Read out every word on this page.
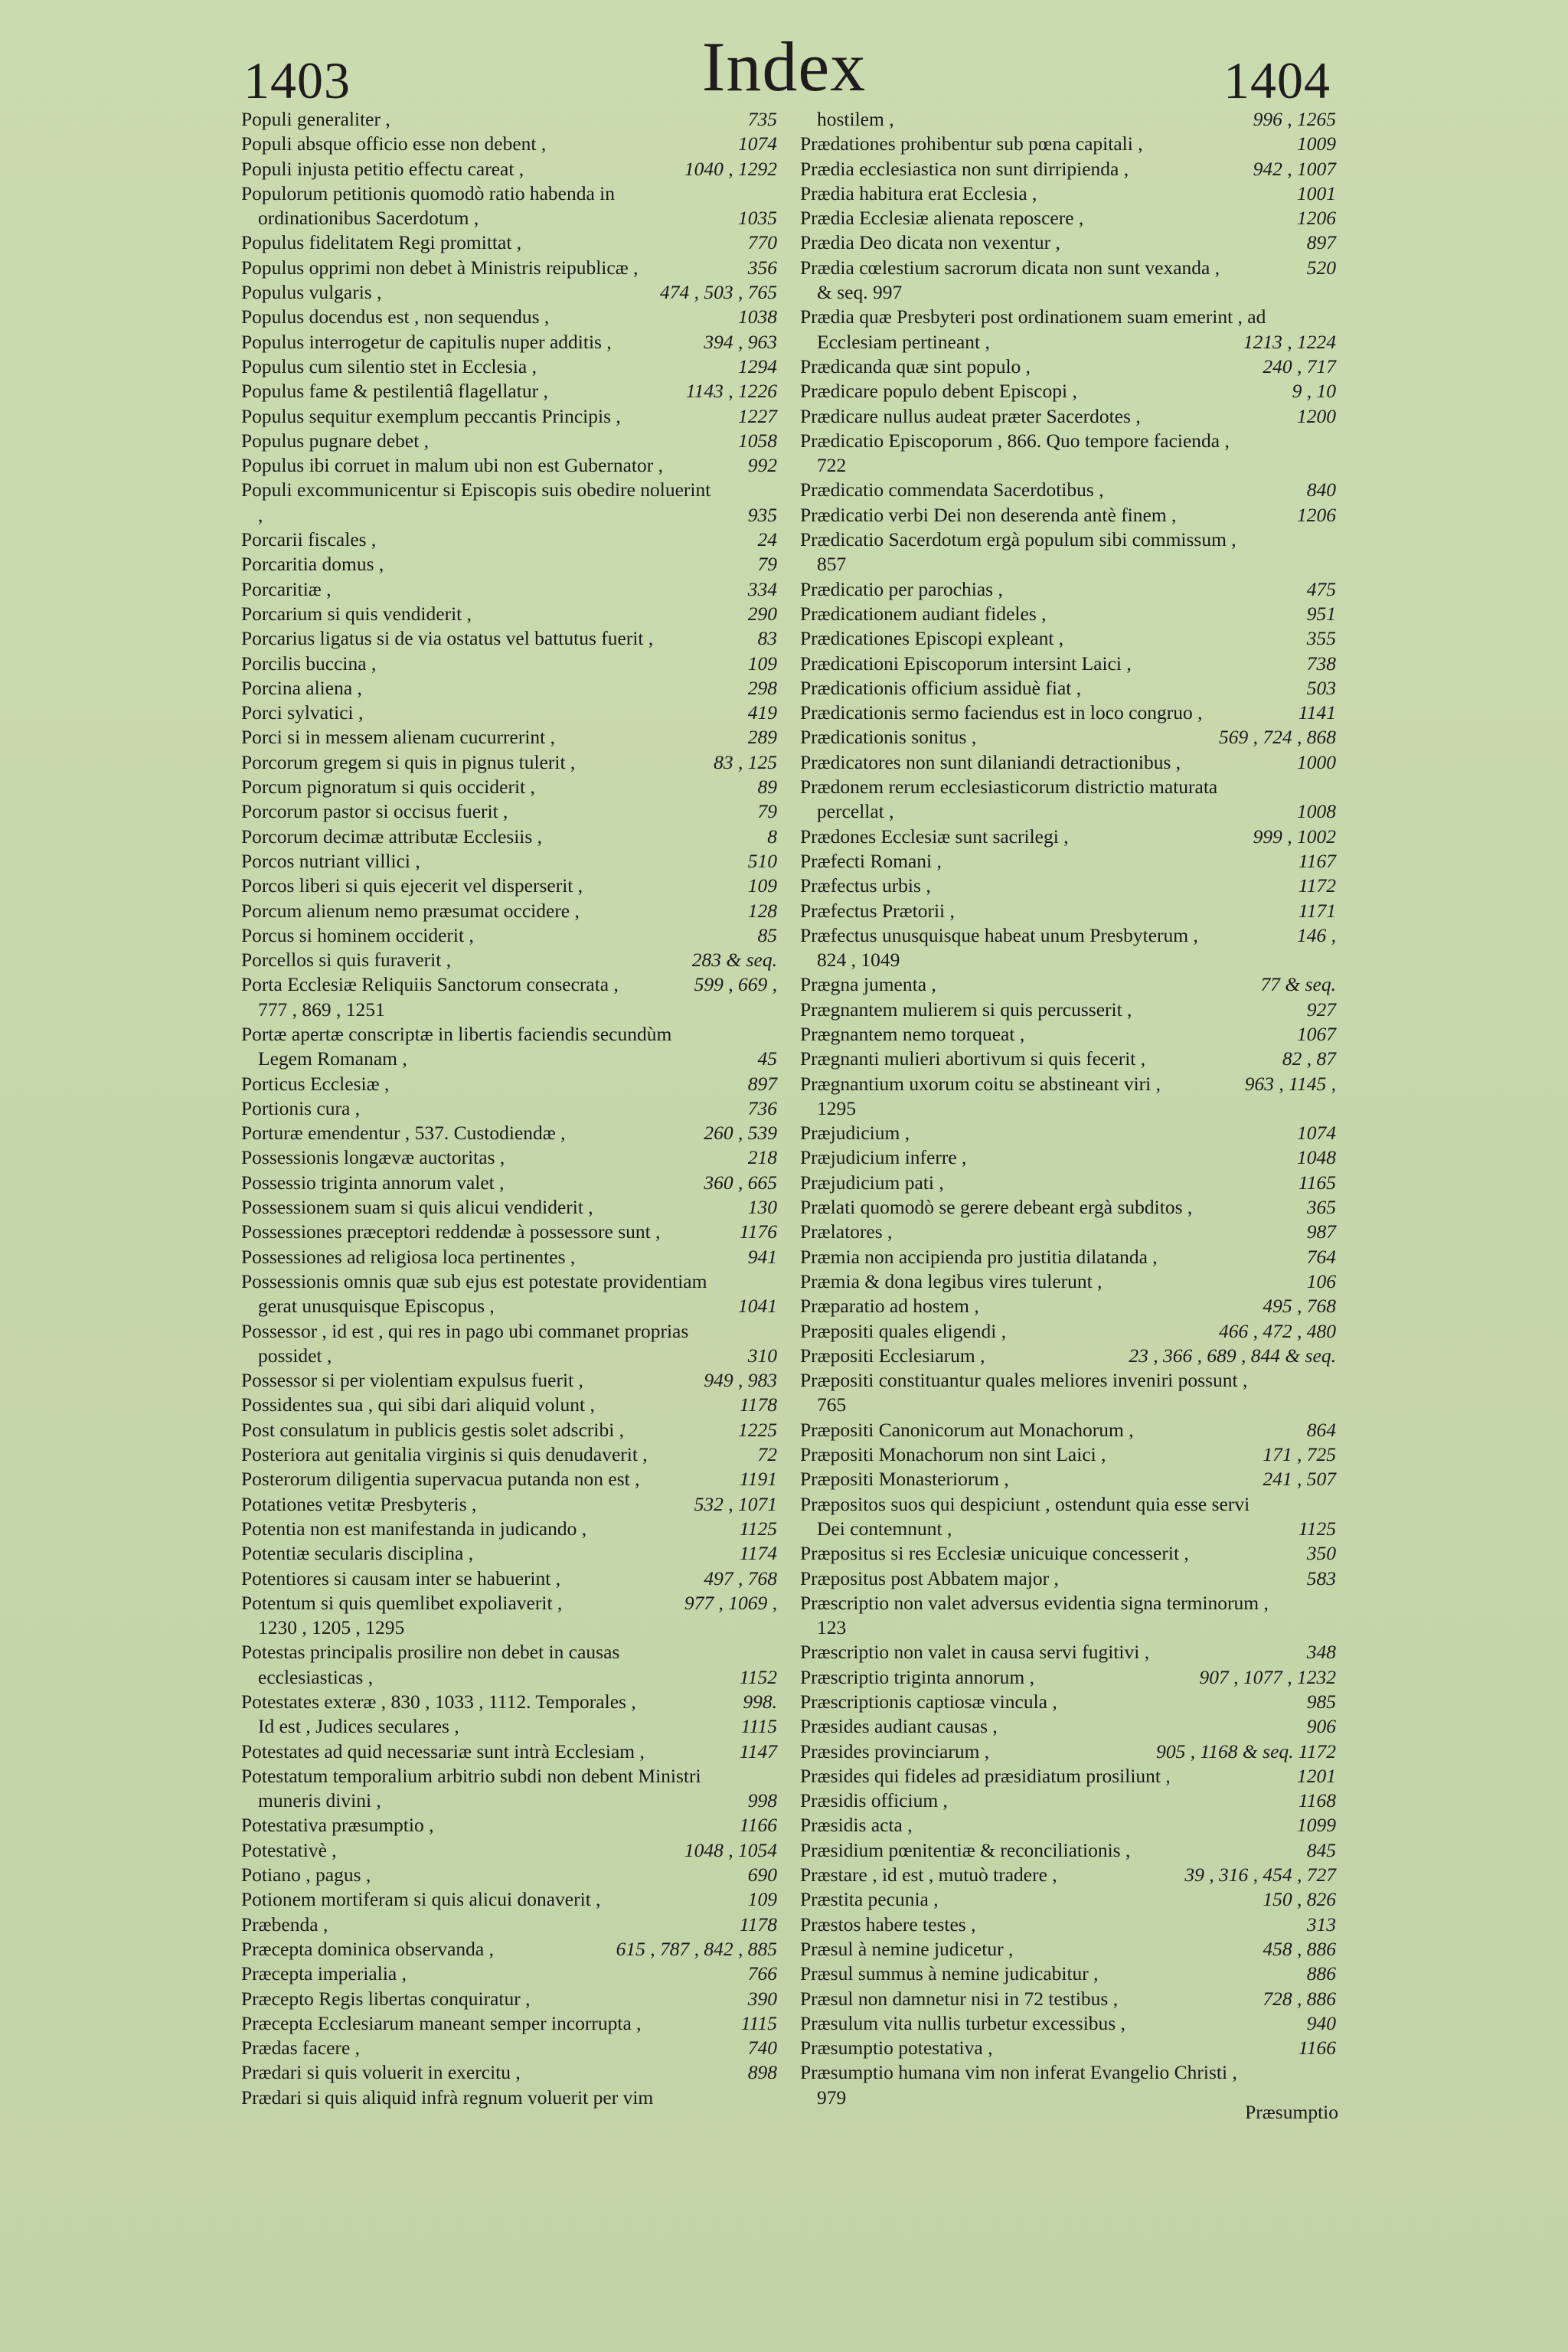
1403	Index	1404
Populi generaliter ,	735
Populi absque officio esse non debent ,	1074
Populi injusta petitio effectu careat ,	1040 , 1292
Populorum petitionis quomodò ratio habenda in ordinationibus Sacerdotum ,	1035
Populus fidelitatem Regi promittat ,	770
Populus opprimi non debet à Ministris reipublicæ ,	356
Populus vulgaris ,	474 , 503 , 765
Populus docendus est , non sequendus ,	1038
Populus interrogetur de capitulis nuper additis ,	394 , 963
Populus cum silentio stet in Ecclesia ,	1294
Populus fame & pestilentiâ flagellatur ,	1143 , 1226
Populus sequitur exemplum peccantis Principis ,	1227
Populus pugnare debet ,	1058
Populus ibi corruet in malum ubi non est Gubernator ,	992
Populi excommunicentur si Episcopis suis obedire noluerint ,	935
Porcarii fiscales ,	24
Porcaritia domus ,	79
Porcaritiæ ,	334
Porcarium si quis vendiderit ,	290
Porcarius ligatus si de via ostatus vel battutus fuerit ,	83
Porcilis buccina ,	109
Porcina aliena ,	298
Porci sylvatici ,	419
Porci si in messem alienam cucurrerint ,	289
Porcorum gregem si quis in pignus tulerit ,	83 , 125
Porcum pignoratum si quis occiderit ,	89
Porcorum pastor si occisus fuerit ,	79
Porcorum decimæ attributæ Ecclesiis ,	8
Porcos nutriant villici ,	510
Porcos liberi si quis ejecerit vel disperserit ,	109
Porcum alienum nemo præsumat occidere ,	128
Porcus si hominem occiderit ,	85
Porcellos si quis furaverit ,	283 & seq.
Porta Ecclesiæ Reliquiis Sanctorum consecrata ,	599 , 669 ,
777 , 869 , 1251
Portæ apertæ conscriptæ in libertis faciendis secundùm Legem Romanam ,	45
Porticus Ecclesiæ ,	897
Portionis cura ,	736
Porturæ emendentur , 537. Custodiendæ ,	260 , 539
Possessionis longævæ auctoritas ,	218
Possessio triginta annorum valet ,	360 , 665
Possessionem suam si quis alicui vendiderit ,	130
Possessiones præceptori reddendæ à possessore sunt ,	1176
Possessiones ad religiosa loca pertinentes ,	941
Possessionis omnis quæ sub ejus est potestate providentiam gerat unusquisque Episcopus ,	1041
Possessor , id est , qui res in pago ubi commanet proprias possidet ,	310
Possessor si per violentiam expulsus fuerit ,	949 , 983
Possidentes sua , qui sibi dari aliquid volunt ,	1178
Post consulatum in publicis gestis solet adscribi ,	1225
Posteriora aut genitalia virginis si quis denudaverit ,	72
Posterorum diligentia supervacua putanda non est ,	1191
Potationes vetitæ Presbyteris ,	532 , 1071
Potentia non est manifestanda in judicando ,	1125
Potentiæ secularis disciplina ,	1174
Potentiores si causam inter se habuerint ,	497 , 768
Potentum si quis quemlibet expoliaverit ,	977 , 1069 ,
1230 , 1205 , 1295
Potestas principalis prosilire non debet in causas ecclesiasticas ,	1152
Potestates exteræ , 830 , 1033 , 1112. Temporales ,	998.
Id est , Judices seculares ,	1115
Potestates ad quid necessariæ sunt intrà Ecclesiam ,	1147
Potestatum temporalium arbitrio subdi non debent Ministri muneris divini ,	998
Potestativa præsumptio ,	1166
Potestativè ,	1048 , 1054
Potiano , pagus ,	690
Potionem mortiferam si quis alicui donaverit ,	109
Præbenda ,	1178
Præcepta dominica observanda ,	615 , 787 , 842 , 885
Præcepta imperialia ,	766
Præcepto Regis libertas conquiratur ,	390
Præcepta Ecclesiarum maneant semper incorrupta ,	1115
Prædas facere ,	740
Prædari si quis voluerit in exercitu ,	898
Prædari si quis aliquid infrà regnum voluerit per vim
hostilem ,	996 , 1265
Prædationes prohibentur sub pœna capitali ,	1009
Prædia ecclesiastica non sunt dirripienda ,	942 , 1007
Prædia habitura erat Ecclesia ,	1001
Prædia Ecclesiæ alienata reposcere ,	1206
Prædia Deo dicata non vexentur ,	897
Prædia cœlestium sacrorum dicata non sunt vexanda ,	520
& seq. 997
Prædia quæ Presbyteri post ordinationem suam emerint , ad Ecclesiam pertineant ,	1213 , 1224
Prædicanda quæ sint populo ,	240 , 717
Prædicare populo debent Episcopi ,	9 , 10
Prædicare nullus audeat præter Sacerdotes ,	1200
Prædicatio Episcoporum , 866. Quo tempore facienda ,
722
Prædicatio commendata Sacerdotibus ,	840
Prædicatio verbi Dei non deserenda antè finem ,	1206
Prædicatio Sacerdotum ergà populum sibi commissum ,
857
Prædicatio per parochias ,	475
Prædicationem audiant fideles ,	951
Prædicationes Episcopi expleant ,	355
Prædicationi Episcoporum intersint Laici ,	738
Prædicationis officium assiduè fiat ,	503
Prædicationis sermo faciendus est in loco congruo ,	1141
Prædicationis sonitus ,	569 , 724 , 868
Prædicatores non sunt dilaniandi detractionibus ,	1000
Prædonem rerum ecclesiasticorum districtio maturata percellat ,	1008
Prædones Ecclesiæ sunt sacrilegi ,	999 , 1002
Præfecti Romani ,	1167
Præfectus urbis ,	1172
Præfectus Prætorii ,	1171
Præfectus unusquisque habeat unum Presbyterum ,	146 ,
824 , 1049
Prægna jumenta ,	77 & seq.
Prægnantem mulierem si quis percusserit ,	927
Prægnantem nemo torqueat ,	1067
Prægnanti mulieri abortivum si quis fecerit ,	82 , 87
Prægnantium uxorum coitu se abstineant viri ,	963 , 1145 ,
1295
Præjudicium ,	1074
Præjudicium inferre ,	1048
Præjudicium pati ,	1165
Prælati quomodò se gerere debeant ergà subditos ,	365
Prælatores ,	987
Præmia non accipienda pro justitia dilatanda ,	764
Præmia & dona legibus vires tulerunt ,	106
Præparatio ad hostem ,	495 , 768
Præpositi quales eligendi ,	466 , 472 , 480
Præpositi Ecclesiarum ,	23 , 366 , 689 , 844 & seq.
Præpositi constituantur quales meliores inveniri possunt ,
765
Præpositi Canonicorum aut Monachorum ,	864
Præpositi Monachorum non sint Laici ,	171 , 725
Præpositi Monasteriorum ,	241 , 507
Præpositos suos qui despiciunt , ostendunt quia esse servi Dei contemnunt ,	1125
Præpositus si res Ecclesiæ unicuique concesserit ,	350
Præpositus post Abbatem major ,	583
Præscriptio non valet adversus evidentia signa terminorum ,
123
Præscriptio non valet in causa servi fugitivi ,	348
Præscriptio triginta annorum ,	907 , 1077 , 1232
Præscriptionis captiosæ vincula ,	985
Præsides audiant causas ,	906
Præsides provinciarum ,	905 , 1168 & seq. 1172
Præsides qui fideles ad præsidiatum prosiliunt ,	1201
Præsidis officium ,	1168
Præsidis acta ,	1099
Præsidium pœnitentiæ & reconciliationis ,	845
Præstare , id est , mutuò tradere ,	39 , 316 , 454 , 727
Præstita pecunia ,	150 , 826
Præstos habere testes ,	313
Præsul à nemine judicetur ,	458 , 886
Præsul summus à nemine judicabitur ,	886
Præsul non damnetur nisi in 72 testibus ,	728 , 886
Præsulum vita nullis turbetur excessibus ,	940
Præsumptio potestativa ,	1166
Præsumptio humana vim non inferat Evangelio Christi ,
979
Præsumptio
